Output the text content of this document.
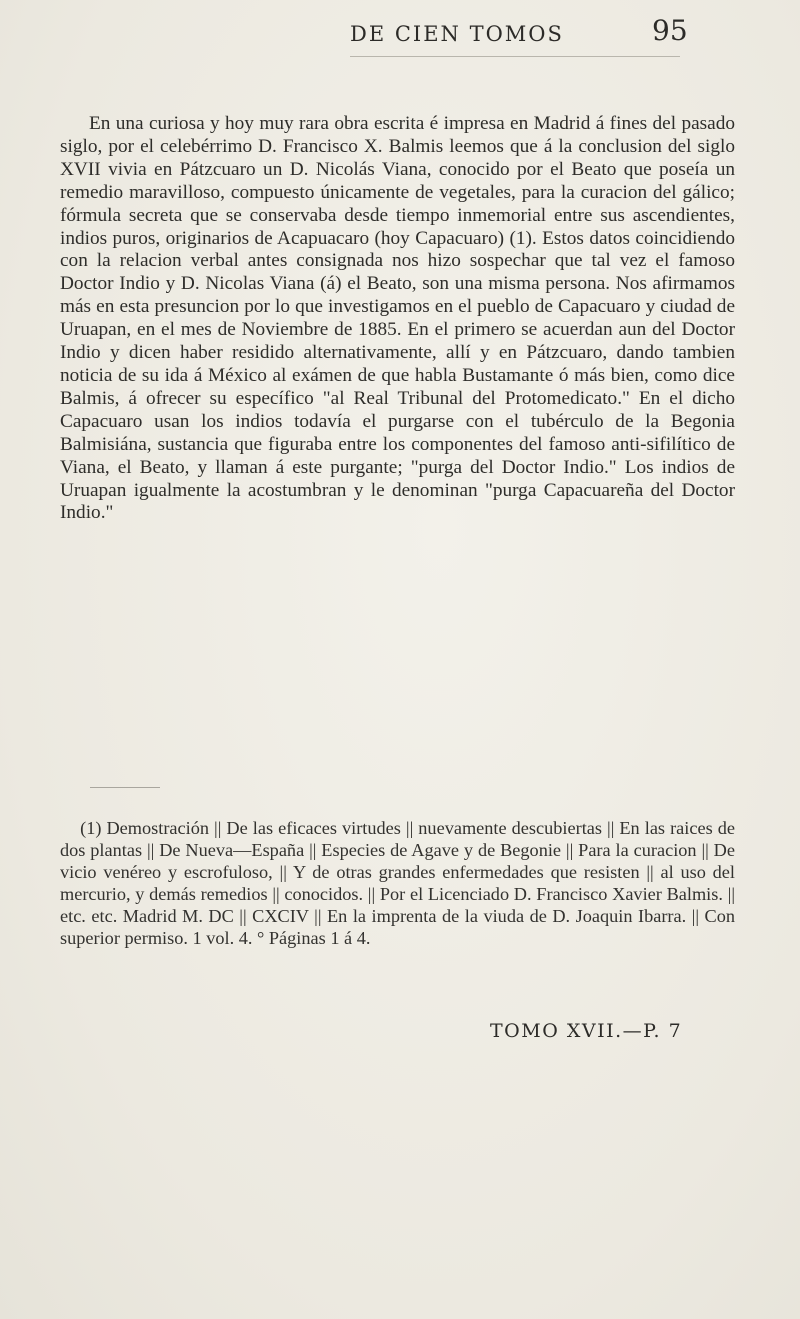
DE CIEN TOMOS	95

En una curiosa y hoy muy rara obra escrita é impresa en Madrid á fines del pasado siglo, por el celebérrimo D. Francisco X. Balmis leemos que á la conclusion del siglo XVII vivia en Pátzcuaro un D. Nicolás Viana, conocido por el Beato que poseía un remedio maravilloso, compuesto únicamente de vegetales, para la curacion del gálico; fórmula secreta que se conservaba desde tiempo inmemorial entre sus ascendientes, indios puros, originarios de Acapuacaro (hoy Capacuaro) (1). Estos datos coincidiendo con la relacion verbal antes consignada nos hizo sospechar que tal vez el famoso Doctor Indio y D. Nicolas Viana (á) el Beato, son una misma persona. Nos afirmamos más en esta presuncion por lo que investigamos en el pueblo de Capacuaro y ciudad de Uruapan, en el mes de Noviembre de 1885. En el primero se acuerdan aun del Doctor Indio y dicen haber residido alternativamente, allí y en Pátzcuaro, dando tambien noticia de su ida á México al exámen de que habla Bustamante ó más bien, como dice Balmis, á ofrecer su específico "al Real Tribunal del Protomedicato." En el dicho Capacuaro usan los indios todavía el purgarse con el tubérculo de la Begonia Balmisiána, sustancia que figuraba entre los componentes del famoso anti-sifilítico de Viana, el Beato, y llaman á este purgante; "purga del Doctor Indio." Los indios de Uruapan igualmente la acostumbran y le denominan "purga Capacuareña del Doctor Indio."

(1) Demostración || De las eficaces virtudes || nuevamente descubiertas || En las raices de dos plantas || De Nueva—España || Especies de Agave y de Begonie || Para la curacion || De vicio venéreo y escrofuloso, || Y de otras grandes enfermedades que resisten || al uso del mercurio, y demás remedios || conocidos. || Por el Licenciado D. Francisco Xavier Balmis. || etc. etc. Madrid M. DC || CXCIV || En la imprenta de la viuda de D. Joaquin Ibarra. || Con superior permiso. 1 vol. 4. ° Páginas 1 á 4.

TOMO XVII.—P. 7
